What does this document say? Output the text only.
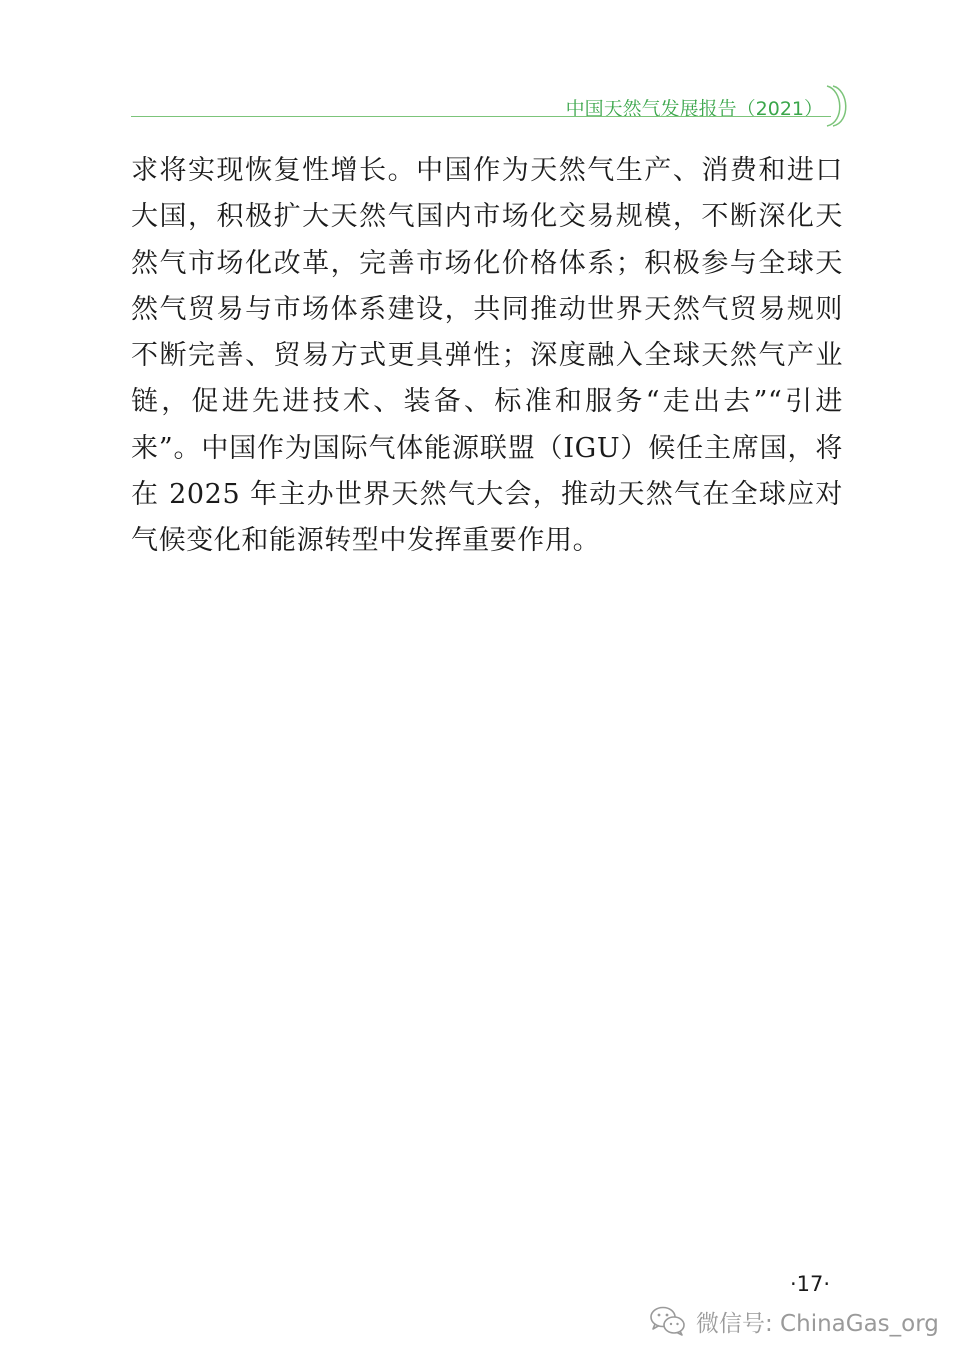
中国天然气发展报告（2021）
求将实现恢复性增长。中国作为天然气生产、消费和进口大国，积极扩大天然气国内市场化交易规模，不断深化天然气市场化改革，完善市场化价格体系；积极参与全球天然气贸易与市场体系建设，共同推动世界天然气贸易规则不断完善、贸易方式更具弹性；深度融入全球天然气产业链，促进先进技术、装备、标准和服务“走出去”“引进来”。中国作为国际气体能源联盟（IGU）候任主席国，将在 2025 年主办世界天然气大会，推动天然气在全球应对气候变化和能源转型中发挥重要作用。
·17·
微信号: ChinaGas_org
